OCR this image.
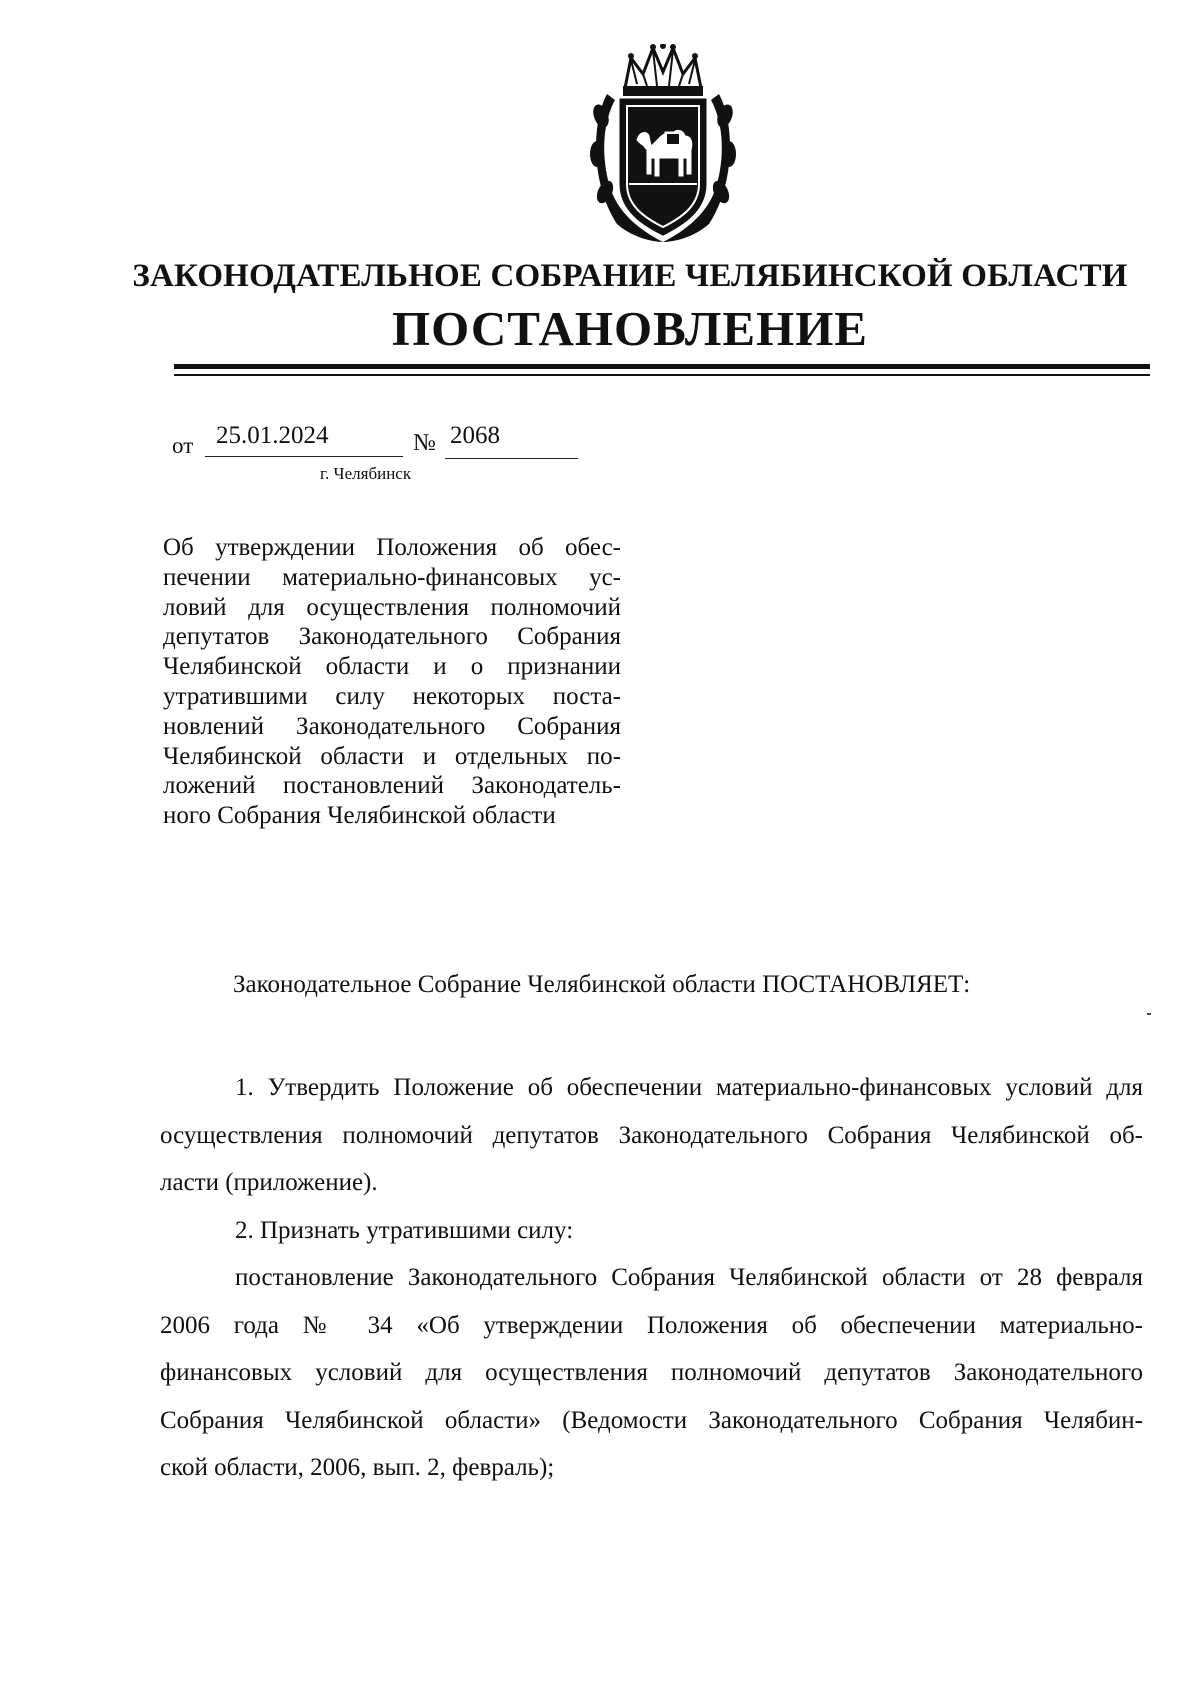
ЗАКОНОДАТЕЛЬНОЕ СОБРАНИЕ ЧЕЛЯБИНСКОЙ ОБЛАСТИ
ПОСТАНОВЛЕНИЕ
от 25.01.2024	№ 2068
г. Челябинск
Об утверждении Положения об обес-
печении материально-финансовых ус-
ловий для осуществления полномочий
депутатов Законодательного Собрания
Челябинской области и о признании
утратившими силу некоторых поста-
новлений Законодательного Собрания
Челябинской области и отдельных по-
ложений постановлений Законодатель-
ного Собрания Челябинской области
Законодательное Собрание Челябинской области ПОСТАНОВЛЯЕТ:
1. Утвердить Положение об обеспечении материально-финансовых условий для
осуществления полномочий депутатов Законодательного Собрания Челябинской об-
ласти (приложение).
2. Признать утратившими силу:
постановление Законодательного Собрания Челябинской области от 28 февраля
2006 года № 34 «Об утверждении Положения об обеспечении материально-
финансовых условий для осуществления полномочий депутатов Законодательного
Собрания Челябинской области» (Ведомости Законодательного Собрания Челябин-
ской области, 2006, вып. 2, февраль);
